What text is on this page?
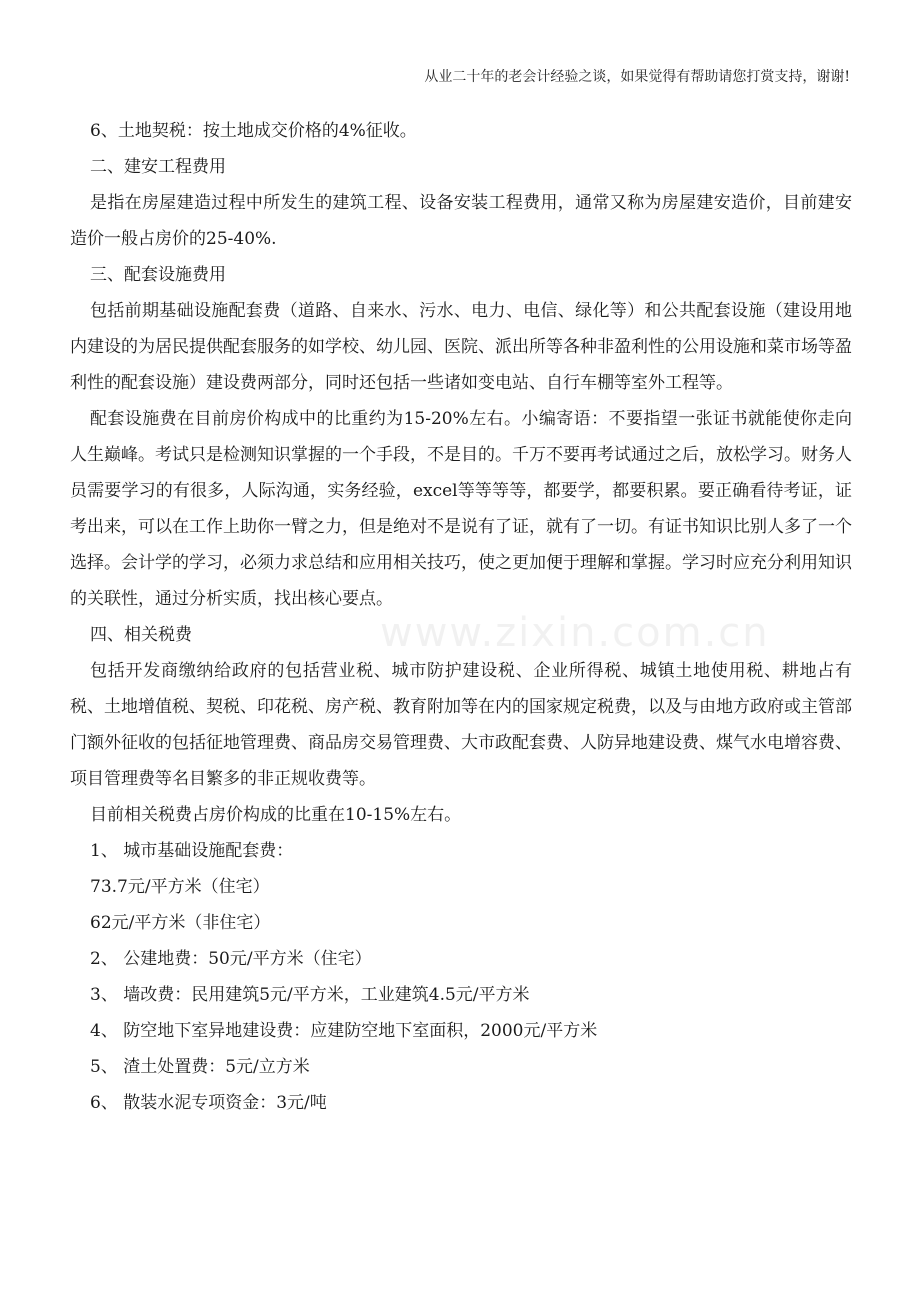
从业二十年的老会计经验之谈，如果觉得有帮助请您打赏支持，谢谢!
www.zixin.com.cn

6、土地契税：按土地成交价格的4%征收。

二、建安工程费用

是指在房屋建造过程中所发生的建筑工程、设备安装工程费用，通常又称为房屋建安造价，目前建安造价一般占房价的25-40%.

三、配套设施费用

包括前期基础设施配套费（道路、自来水、污水、电力、电信、绿化等）和公共配套设施（建设用地内建设的为居民提供配套服务的如学校、幼儿园、医院、派出所等各种非盈利性的公用设施和菜市场等盈利性的配套设施）建设费两部分，同时还包括一些诸如变电站、自行车棚等室外工程等。

配套设施费在目前房价构成中的比重约为15-20%左右。小编寄语：不要指望一张证书就能使你走向人生巅峰。考试只是检测知识掌握的一个手段，不是目的。千万不要再考试通过之后，放松学习。财务人员需要学习的有很多，人际沟通，实务经验，excel等等等等，都要学，都要积累。要正确看待考证，证考出来，可以在工作上助你一臂之力，但是绝对不是说有了证，就有了一切。有证书知识比别人多了一个选择。会计学的学习，必须力求总结和应用相关技巧，使之更加便于理解和掌握。学习时应充分利用知识的关联性，通过分析实质，找出核心要点。

四、相关税费

包括开发商缴纳给政府的包括营业税、城市防护建设税、企业所得税、城镇土地使用税、耕地占有税、土地增值税、契税、印花税、房产税、教育附加等在内的国家规定税费，以及与由地方政府或主管部门额外征收的包括征地管理费、商品房交易管理费、大市政配套费、人防异地建设费、煤气水电增容费、项目管理费等名目繁多的非正规收费等。

目前相关税费占房价构成的比重在10-15%左右。

1、 城市基础设施配套费：

73.7元/平方米（住宅）

62元/平方米（非住宅）

2、 公建地费：50元/平方米（住宅）

3、 墙改费：民用建筑5元/平方米，工业建筑4.5元/平方米

4、 防空地下室异地建设费：应建防空地下室面积，2000元/平方米

5、 渣土处置费：5元/立方米

6、 散装水泥专项资金：3元/吨
